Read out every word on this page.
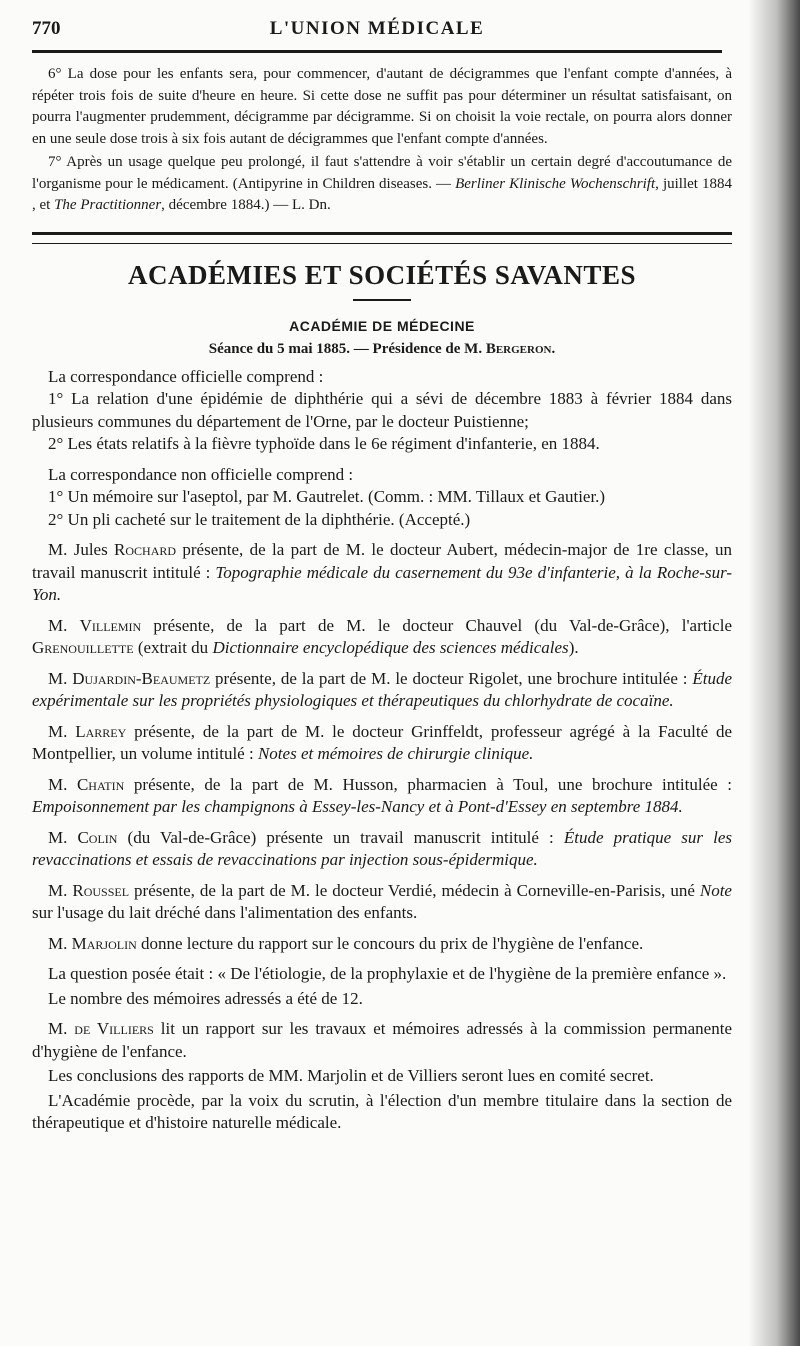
770	L'UNION MÉDICALE

6° La dose pour les enfants sera, pour commencer, d'autant de décigrammes que l'enfant compte d'années, à répéter trois fois de suite d'heure en heure. Si cette dose ne suffit pas pour déterminer un résultat satisfaisant, on pourra l'augmenter prudemment, décigramme par décigramme. Si on choisit la voie rectale, on pourra alors donner en une seule dose trois à six fois autant de décigrammes que l'enfant compte d'années.

7° Après un usage quelque peu prolongé, il faut s'attendre à voir s'établir un certain degré d'accoutumance de l'organisme pour le médicament. (Antipyrine in Children diseases. — Berliner Klinische Wochenschrift, juillet 1884 , et The Practitionner, décembre 1884.) — L. Dn.

ACADÉMIES ET SOCIÉTÉS SAVANTES
ACADÉMIE DE MÉDECINE
Séance du 5 mai 1885. — Présidence de M. Bergeron.

La correspondance officielle comprend :

1° La relation d'une épidémie de diphthérie qui a sévi de décembre 1883 à février 1884 dans plusieurs communes du département de l'Orne, par le docteur Puistienne;

2° Les états relatifs à la fièvre typhoïde dans le 6e régiment d'infanterie, en 1884.

La correspondance non officielle comprend :

1° Un mémoire sur l'aseptol, par M. Gautrelet. (Comm. : MM. Tillaux et Gautier.)

2° Un pli cacheté sur le traitement de la diphthérie. (Accepté.)

M. Jules Rochard présente, de la part de M. le docteur Aubert, médecin-major de 1re classe, un travail manuscrit intitulé : Topographie médicale du casernement du 93e d'infanterie, à la Roche-sur-Yon.

M. Villemin présente, de la part de M. le docteur Chauvel (du Val-de-Grâce), l'article Grenouillette (extrait du Dictionnaire encyclopédique des sciences médicales).

M. Dujardin-Beaumetz présente, de la part de M. le docteur Rigolet, une brochure intitulée : Étude expérimentale sur les propriétés physiologiques et thérapeutiques du chlorhydrate de cocaïne.

M. Larrey présente, de la part de M. le docteur Grinffeldt, professeur agrégé à la Faculté de Montpellier, un volume intitulé : Notes et mémoires de chirurgie clinique.

M. Chatin présente, de la part de M. Husson, pharmacien à Toul, une brochure intitulée : Empoisonnement par les champignons à Essey-les-Nancy et à Pont-d'Essey en septembre 1884.

M. Colin (du Val-de-Grâce) présente un travail manuscrit intitulé : Étude pratique sur les revaccinations et essais de revaccinations par injection sous-épidermique.

M. Roussel présente, de la part de M. le docteur Verdié, médecin à Corneville-en-Parisis, uné Note sur l'usage du lait dréché dans l'alimentation des enfants.

M. Marjolin donne lecture du rapport sur le concours du prix de l'hygiène de l'enfance.

La question posée était : « De l'étiologie, de la prophylaxie et de l'hygiène de la première enfance ».

Le nombre des mémoires adressés a été de 12.

M. de Villiers lit un rapport sur les travaux et mémoires adressés à la commission permanente d'hygiène de l'enfance.

Les conclusions des rapports de MM. Marjolin et de Villiers seront lues en comité secret.

L'Académie procède, par la voix du scrutin, à l'élection d'un membre titulaire dans la section de thérapeutique et d'histoire naturelle médicale.
